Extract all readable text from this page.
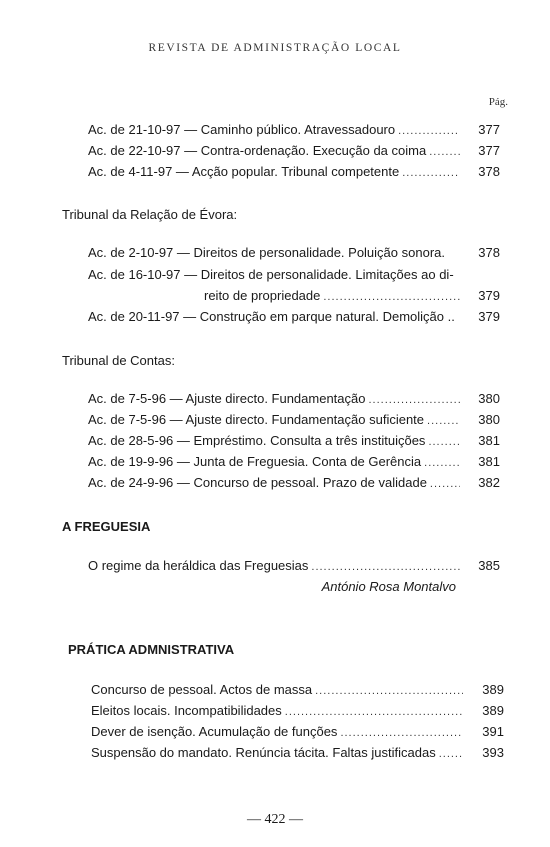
REVISTA DE ADMINISTRAÇÃO LOCAL
Pág.
Ac. de 21-10-97 — Caminho público. Atravessadouro .....	377
Ac. de 22-10-97 — Contra-ordenação. Execução da coima .....	377
Ac. de 4-11-97 — Acção popular. Tribunal competente .....	378
Tribunal da Relação de Évora:
Ac. de 2-10-97 — Direitos de personalidade. Poluição sonora.	378
Ac. de 16-10-97 — Direitos de personalidade. Limitações ao di-
reito de propriedade .....	379
Ac. de 20-11-97 — Construção em parque natural. Demolição ..	379
Tribunal de Contas:
Ac. de 7-5-96 — Ajuste directo. Fundamentação .....	380
Ac. de 7-5-96 — Ajuste directo. Fundamentação suficiente .....	380
Ac. de 28-5-96 — Empréstimo. Consulta a três instituições .....	381
Ac. de 19-9-96 — Junta de Freguesia. Conta de Gerência .....	381
Ac. de 24-9-96 — Concurso de pessoal. Prazo de validade .....	382
A FREGUESIA
O regime da heráldica das Freguesias .....	385
António Rosa Montalvo
PRÁTICA ADMNISTRATIVA
Concurso de pessoal. Actos de massa .....	389
Eleitos locais. Incompatibilidades .....	389
Dever de isenção. Acumulação de funções .....	391
Suspensão do mandato. Renúncia tácita. Faltas justificadas .....	393
— 422 —
